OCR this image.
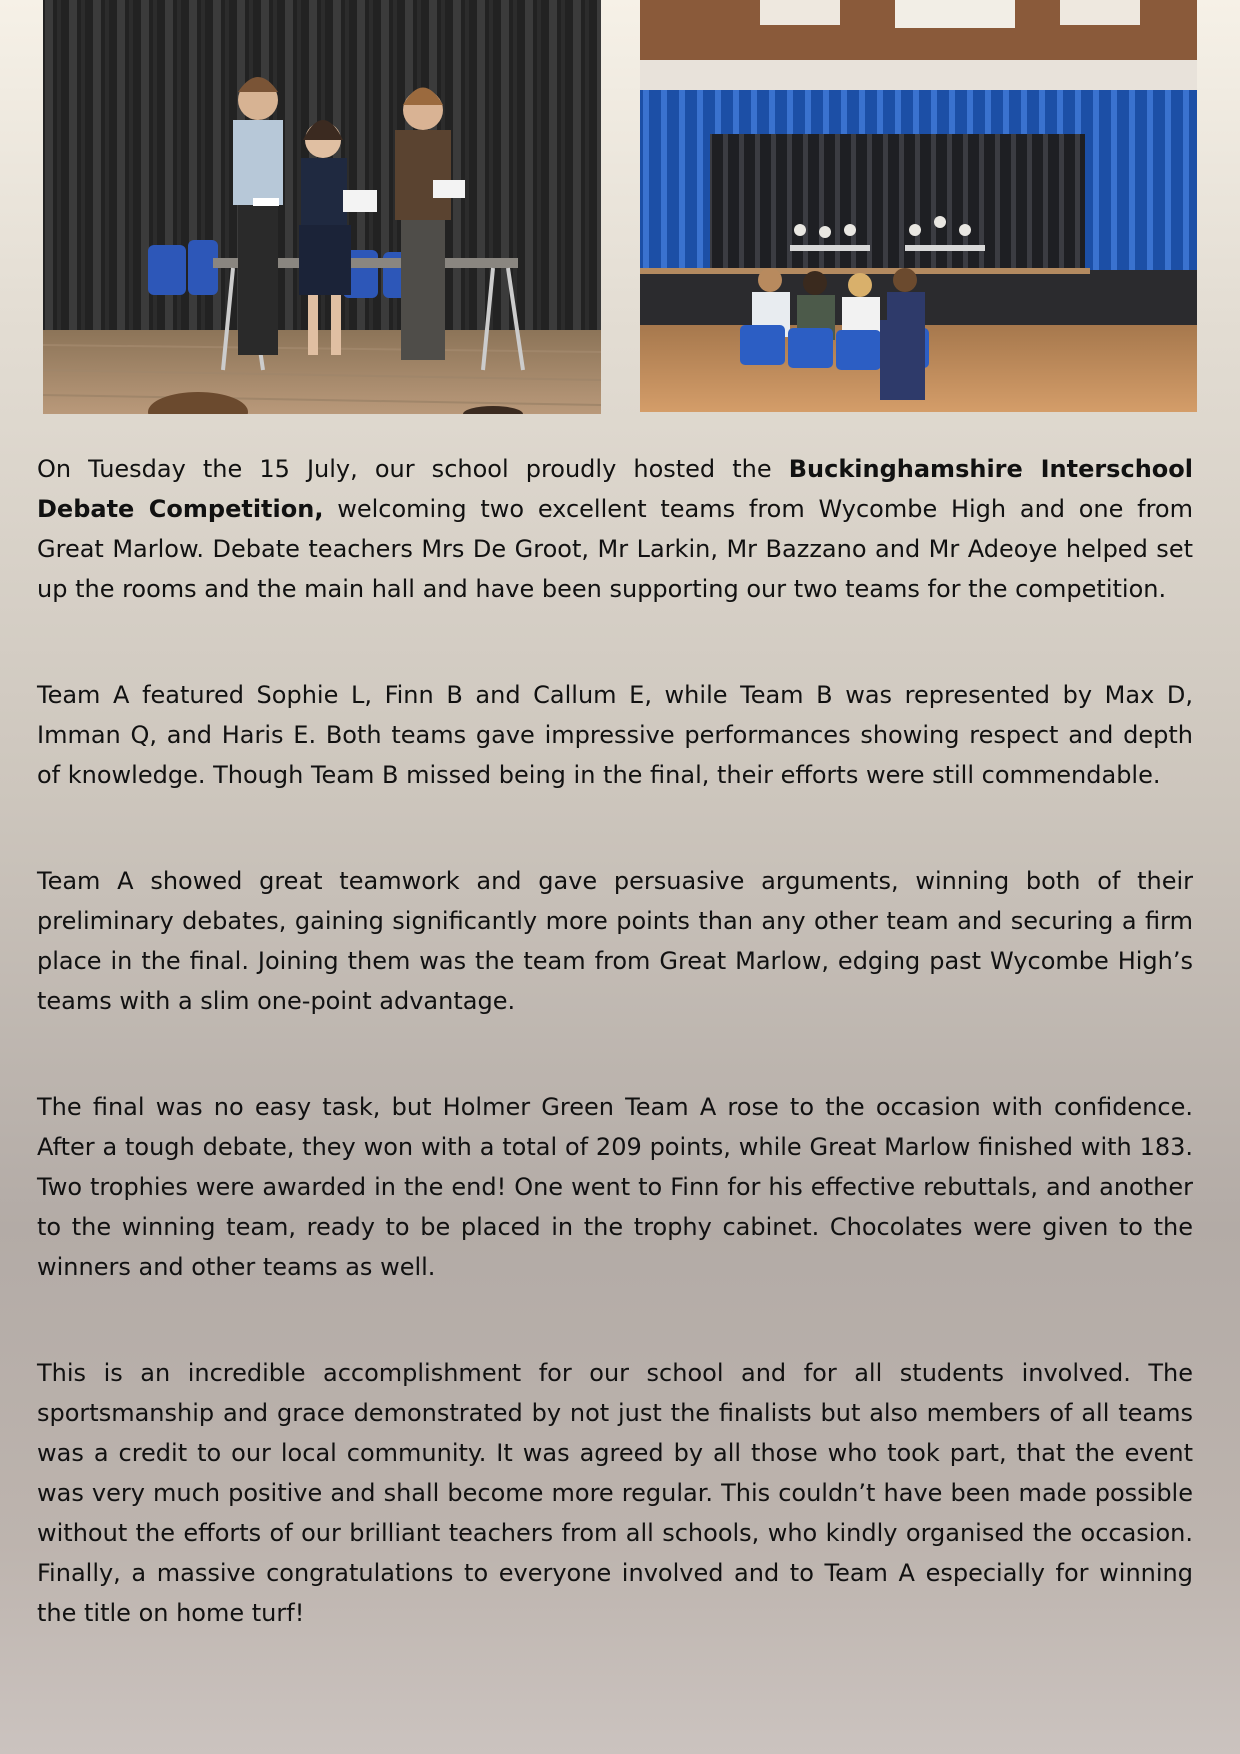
On Tuesday the 15 July, our school proudly hosted the Buckinghamshire Interschool Debate Competition, welcoming two excellent teams from Wycombe High and one from Great Marlow. Debate teachers Mrs De Groot, Mr Larkin, Mr Bazzano and Mr Adeoye helped set up the rooms and the main hall and have been supporting our two teams for the competition.

Team A featured Sophie L, Finn B and Callum E, while Team B was represented by Max D, Imman Q, and Haris E. Both teams gave impressive performances showing respect and depth of knowledge. Though Team B missed being in the final, their efforts were still commendable.

Team A showed great teamwork and gave persuasive arguments, winning both of their preliminary debates, gaining significantly more points than any other team and securing a firm place in the final. Joining them was the team from Great Marlow, edging past Wycombe High’s teams with a slim one-point advantage.

The final was no easy task, but Holmer Green Team A rose to the occasion with confidence. After a tough debate, they won with a total of 209 points, while Great Marlow finished with 183. Two trophies were awarded in the end! One went to Finn for his effective rebuttals, and another to the winning team, ready to be placed in the trophy cabinet. Chocolates were given to the winners and other teams as well.

This is an incredible accomplishment for our school and for all students involved. The sportsmanship and grace demonstrated by not just the finalists but also members of all teams was a credit to our local community. It was agreed by all those who took part, that the event was very much positive and shall become more regular. This couldn’t have been made possible without the efforts of our brilliant teachers from all schools, who kindly organised the occasion. Finally, a massive congratulations to everyone involved and to Team A especially for winning the title on home turf!
